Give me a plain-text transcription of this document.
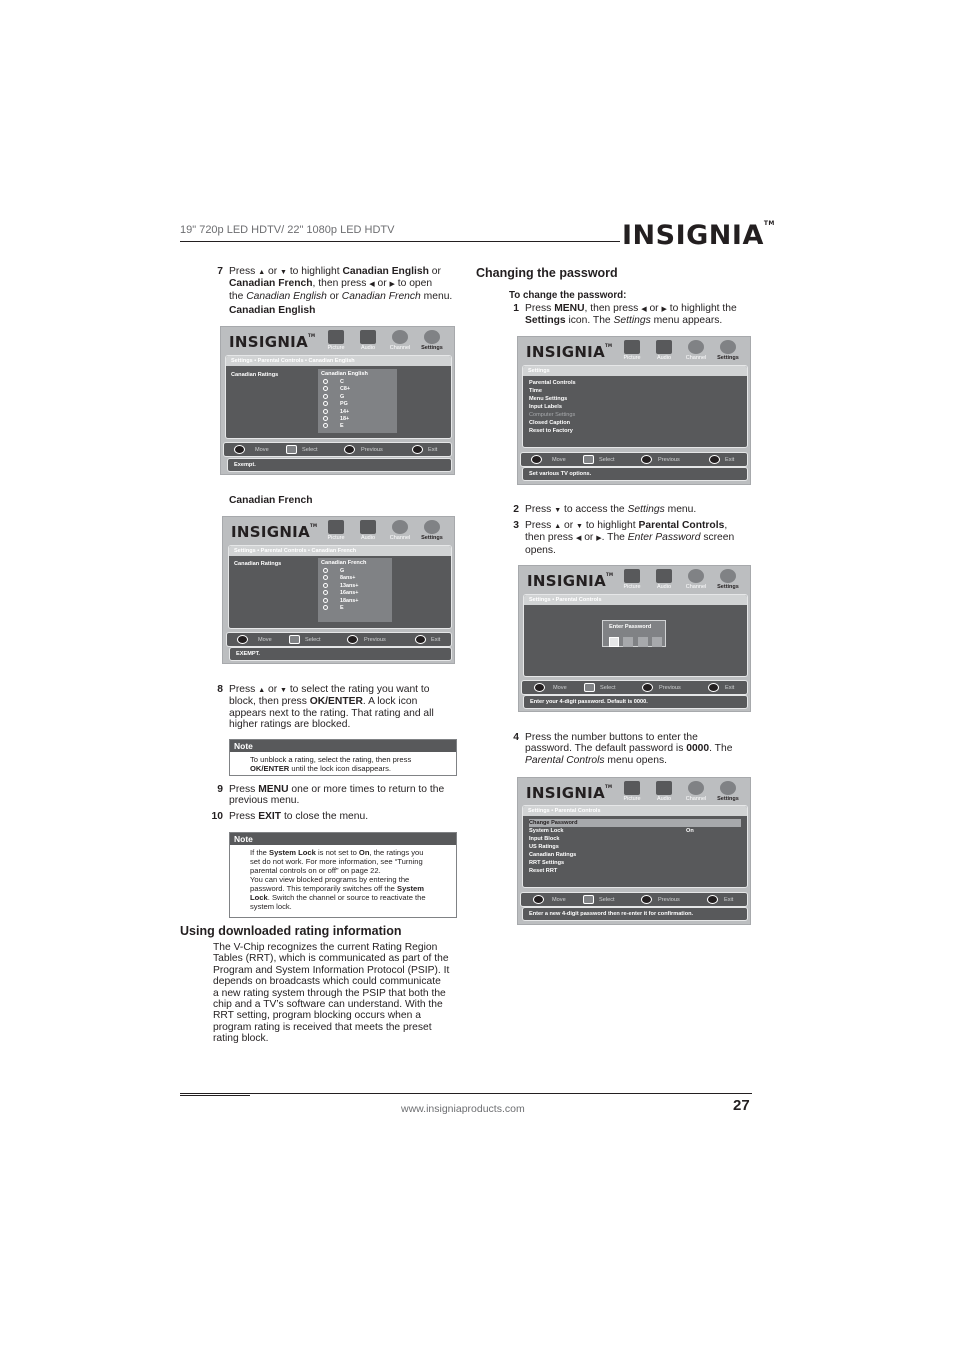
19" 720p LED HDTV/ 22" 1080p LED HDTV	INSIGNIA™
7 Press ▲ or ▼ to highlight Canadian English or
Canadian French, then press ◀ or ▶ to open
the Canadian English or Canadian French menu.
Canadian English
INSIGNIA™
Picture	Audio	Channel	Settings
Settings • Parental Controls • Canadian English
Canadian Ratings	Canadian English
C
C8+
G
PG
14+
18+
E
Move	Select	Previous	Exit
Exempt.
Canadian French
INSIGNIA™
Picture	Audio	Channel	Settings
Settings • Parental Controls • Canadian French
Canadian Ratings	Canadian French
G
8ans+
13ans+
16ans+
18ans+
E
Move	Select	Previous	Exit
EXEMPT.
8 Press ▲ or ▼ to select the rating you want to
block, then press OK/ENTER. A lock icon
appears next to the rating. That rating and all
higher ratings are blocked.
Note
To unblock a rating, select the rating, then press
OK/ENTER until the lock icon disappears.
9 Press MENU one or more times to return to the
previous menu.
10 Press EXIT to close the menu.
Note
If the System Lock is not set to On, the ratings you
set do not work. For more information, see “Turning
parental controls on or off” on page 22.
You can view blocked programs by entering the
password. This temporarily switches off the System
Lock. Switch the channel or source to reactivate the
system lock.
Using downloaded rating information
The V-Chip recognizes the current Rating Region
Tables (RRT), which is communicated as part of the
Program and System Information Protocol (PSIP). It
depends on broadcasts which could communicate
a new rating system through the PSIP that both the
chip and a TV’s software can understand. With the
RRT setting, program blocking occurs when a
program rating is received that meets the preset
rating block.
Changing the password
To change the password:
1 Press MENU, then press ◀ or ▶ to highlight the
Settings icon. The Settings menu appears.
INSIGNIA™
Picture	Audio	Channel	Settings
Settings
Parental Controls
Time
Menu Settings
Input Labels
Computer Settings
Closed Caption
Reset to Factory
Move	Select	Previous	Exit
Set various TV options.
2 Press ▼ to access the Settings menu.
3 Press ▲ or ▼ to highlight Parental Controls,
then press ◀ or ▶. The Enter Password screen
opens.
INSIGNIA™
Picture	Audio	Channel	Settings
Settings • Parental Controls
Enter Password

Move	Select	Previous	Exit
Enter your 4-digit password. Default is 0000.
4 Press the number buttons to enter the
password. The default password is 0000. The
Parental Controls menu opens.
INSIGNIA™
Picture	Audio	Channel	Settings
Settings • Parental Controls
Change Password
System Lock	On
Input Block
US Ratings
Canadian Ratings
RRT Settings
Reset RRT
Move	Select	Previous	Exit
Enter a new 4-digit password then re-enter it for confirmation.
www.insigniaproducts.com	27
